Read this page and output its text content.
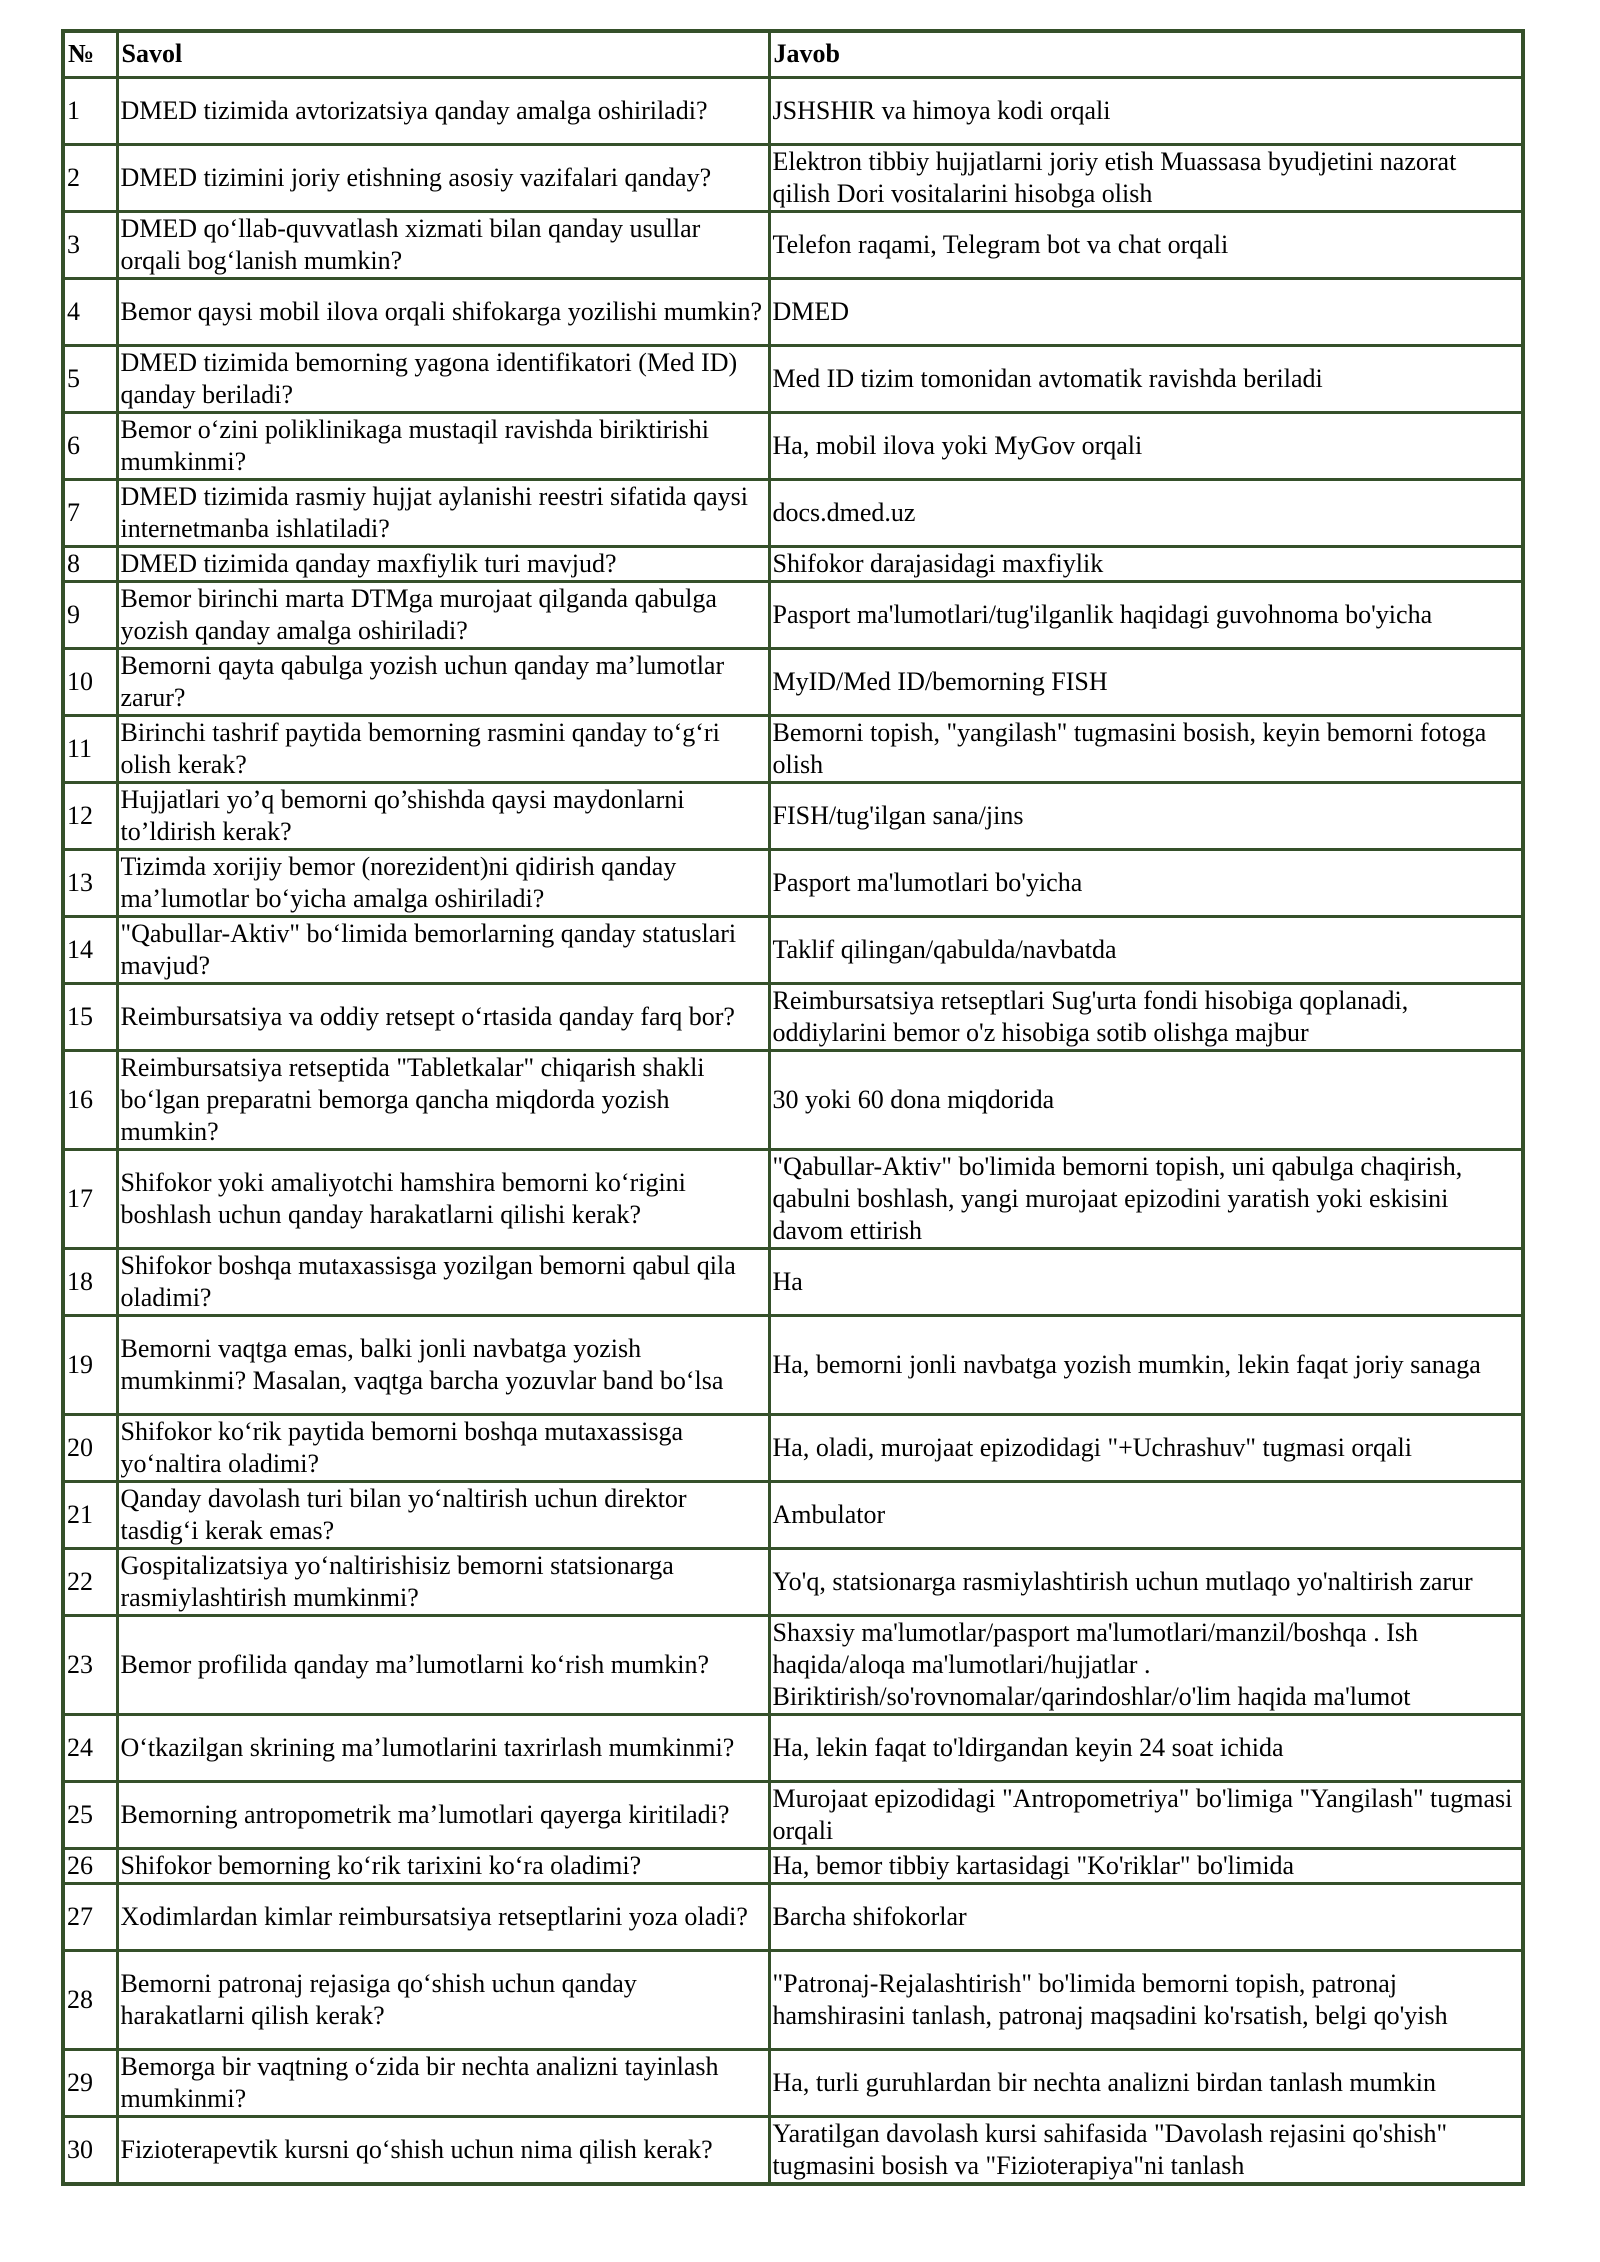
№	Savol	Javob
1	DMED tizimida avtorizatsiya qanday amalga oshiriladi?	JSHSHIR va himoya kodi orqali
2	DMED tizimini joriy etishning asosiy vazifalari qanday?	Elektron tibbiy hujjatlarni joriy etish Muassasa byudjetini nazorat qilish Dori vositalarini hisobga olish
3	DMED qo‘llab-quvvatlash xizmati bilan qanday usullar orqali bog‘lanish mumkin?	Telefon raqami, Telegram bot va chat orqali
4	Bemor qaysi mobil ilova orqali shifokarga yozilishi mumkin?	DMED
5	DMED tizimida bemorning yagona identifikatori (Med ID) qanday beriladi?	Med ID tizim tomonidan avtomatik ravishda beriladi
6	Bemor o‘zini poliklinikaga mustaqil ravishda biriktirishi mumkinmi?	Ha, mobil ilova yoki MyGov orqali
7	DMED tizimida rasmiy hujjat aylanishi reestri sifatida qaysi internetmanba ishlatiladi?	docs.dmed.uz
8	DMED tizimida qanday maxfiylik turi mavjud?	Shifokor darajasidagi maxfiylik
9	Bemor birinchi marta DTMga murojaat qilganda qabulga yozish qanday amalga oshiriladi?	Pasport ma'lumotlari/tug'ilganlik haqidagi guvohnoma bo'yicha
10	Bemorni qayta qabulga yozish uchun qanday ma’lumotlar zarur?	MyID/Med ID/bemorning FISH
11	Birinchi tashrif paytida bemorning rasmini qanday to‘g‘ri olish kerak?	Bemorni topish, "yangilash" tugmasini bosish, keyin bemorni fotoga olish
12	Hujjatlari yo’q bemorni qo’shishda qaysi maydonlarni to’ldirish kerak?	FISH/tug'ilgan sana/jins
13	Tizimda xorijiy bemor (norezident)ni qidirish qanday ma’lumotlar bo‘yicha amalga oshiriladi?	Pasport ma'lumotlari bo'yicha
14	"Qabullar-Aktiv" bo‘limida bemorlarning qanday statuslari mavjud?	Taklif qilingan/qabulda/navbatda
15	Reimbursatsiya va oddiy retsept o‘rtasida qanday farq bor?	Reimbursatsiya retseptlari Sug'urta fondi hisobiga qoplanadi, oddiylarini bemor o'z hisobiga sotib olishga majbur
16	Reimbursatsiya retseptida "Tabletkalar" chiqarish shakli bo‘lgan preparatni bemorga qancha miqdorda yozish mumkin?	30 yoki 60 dona miqdorida
17	Shifokor yoki amaliyotchi hamshira bemorni ko‘rigini boshlash uchun qanday harakatlarni qilishi kerak?	"Qabullar-Aktiv" bo'limida bemorni topish, uni qabulga chaqirish, qabulni boshlash, yangi murojaat epizodini yaratish yoki eskisini davom ettirish
18	Shifokor boshqa mutaxassisga yozilgan bemorni qabul qila oladimi?	Ha
19	Bemorni vaqtga emas, balki jonli navbatga yozish mumkinmi? Masalan, vaqtga barcha yozuvlar band bo‘lsa	Ha, bemorni jonli navbatga yozish mumkin, lekin faqat joriy sanaga
20	Shifokor ko‘rik paytida bemorni boshqa mutaxassisga yo‘naltira oladimi?	Ha, oladi, murojaat epizodidagi "+Uchrashuv" tugmasi orqali
21	Qanday davolash turi bilan yo‘naltirish uchun direktor tasdig‘i kerak emas?	Ambulator
22	Gospitalizatsiya yo‘naltirishisiz bemorni statsionarga rasmiylashtirish mumkinmi?	Yo'q, statsionarga rasmiylashtirish uchun mutlaqo yo'naltirish zarur
23	Bemor profilida qanday ma’lumotlarni ko‘rish mumkin?	Shaxsiy ma'lumotlar/pasport ma'lumotlari/manzil/boshqa . Ish haqida/aloqa ma'lumotlari/hujjatlar . Biriktirish/so'rovnomalar/qarindoshlar/o'lim haqida ma'lumot
24	O‘tkazilgan skrining ma’lumotlarini taxrirlash mumkinmi?	Ha, lekin faqat to'ldirgandan keyin 24 soat ichida
25	Bemorning antropometrik ma’lumotlari qayerga kiritiladi?	Murojaat epizodidagi "Antropometriya" bo'limiga "Yangilash" tugmasi orqali
26	Shifokor bemorning ko‘rik tarixini ko‘ra oladimi?	Ha, bemor tibbiy kartasidagi "Ko'riklar" bo'limida
27	Xodimlardan kimlar reimbursatsiya retseptlarini yoza oladi?	Barcha shifokorlar
28	Bemorni patronaj rejasiga qo‘shish uchun qanday harakatlarni qilish kerak?	"Patronaj-Rejalashtirish" bo'limida bemorni topish, patronaj hamshirasini tanlash, patronaj maqsadini ko'rsatish, belgi qo'yish
29	Bemorga bir vaqtning o‘zida bir nechta analizni tayinlash mumkinmi?	Ha, turli guruhlardan bir nechta analizni birdan tanlash mumkin
30	Fizioterapevtik kursni qo‘shish uchun nima qilish kerak?	Yaratilgan davolash kursi sahifasida "Davolash rejasini qo'shish" tugmasini bosish va "Fizioterapiya"ni tanlash
